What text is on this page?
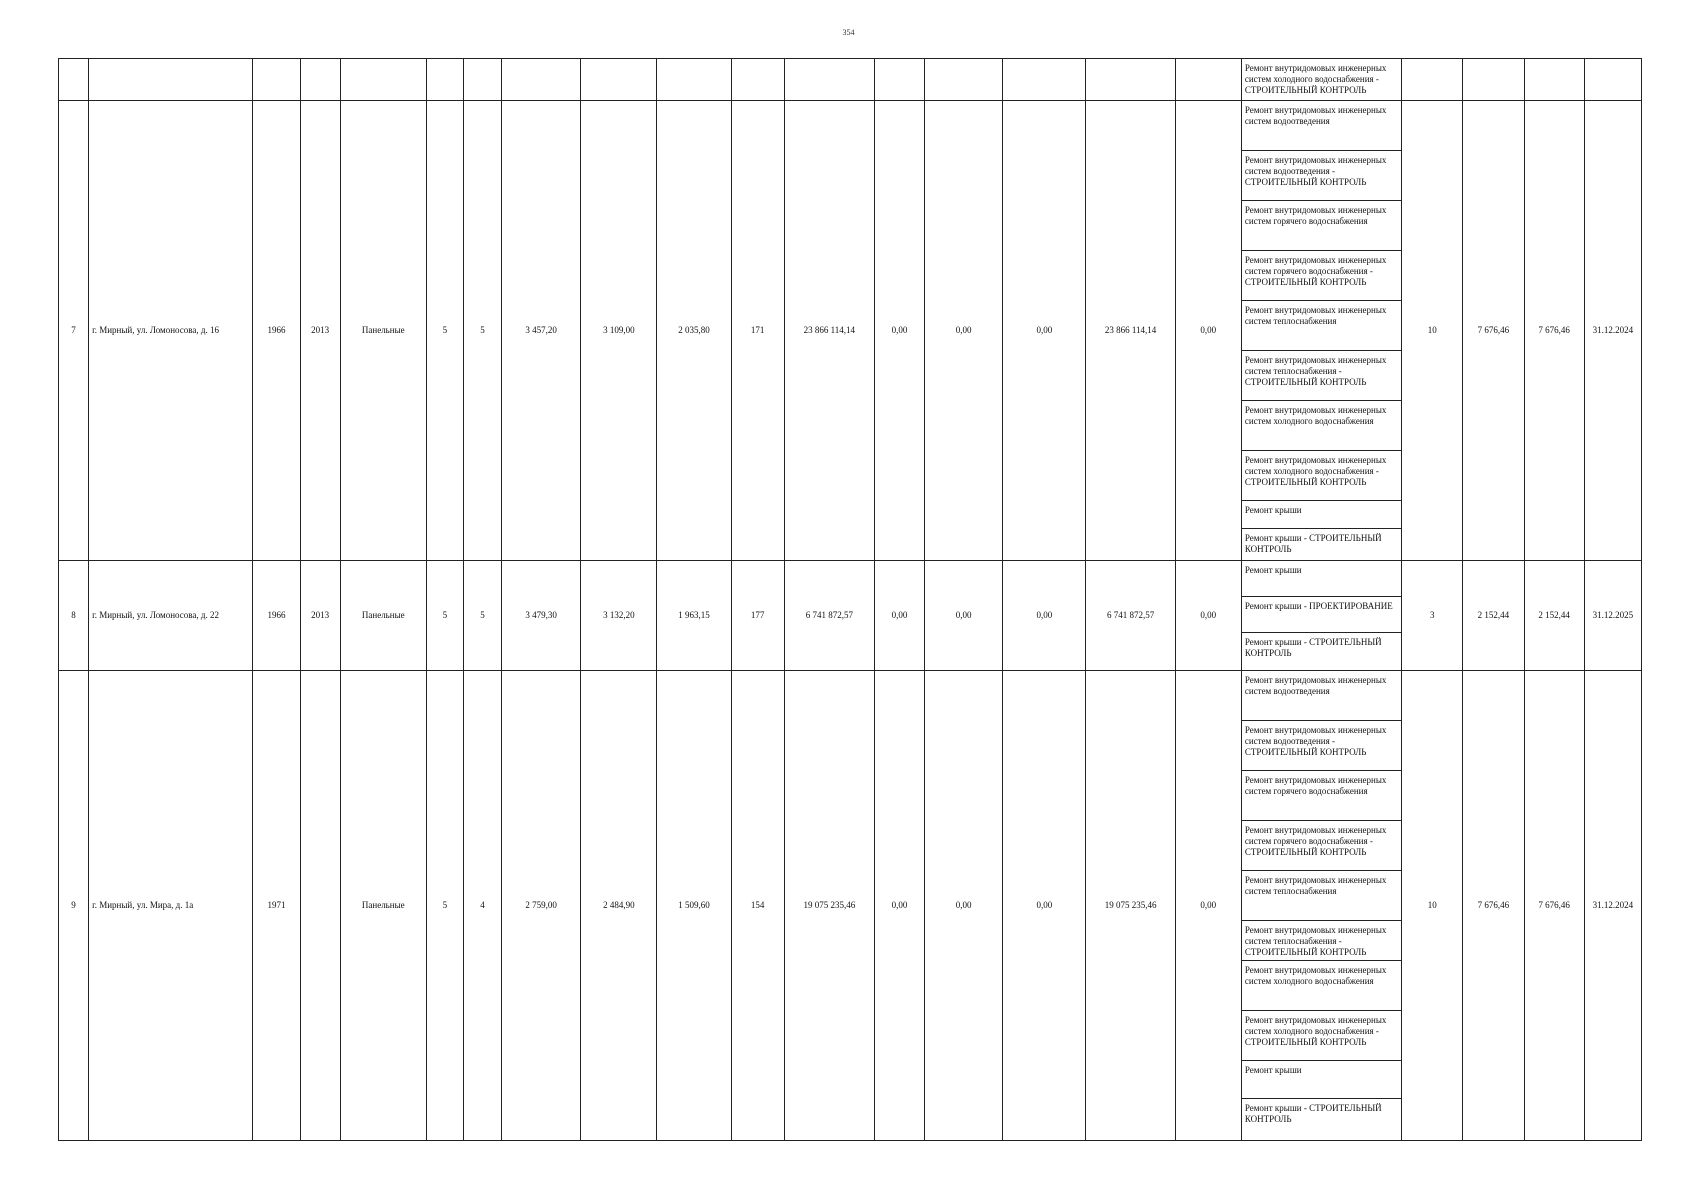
354
																	Ремонт внутридомовых инженерных систем холодного водоснабжения - СТРОИТЕЛЬНЫЙ КОНТРОЛЬ				
7	г. Мирный, ул. Ломоносова, д. 16	1966	2013	Панельные	5	5	3 457,20	3 109,00	2 035,80	171	23 866 114,14	0,00	0,00	0,00	23 866 114,14	0,00	Ремонт внутридомовых инженерных систем водоотведения	10	7 676,46	7 676,46	31.12.2024
																	Ремонт внутридомовых инженерных систем водоотведения - СТРОИТЕЛЬНЫЙ КОНТРОЛЬ				
																	Ремонт внутридомовых инженерных систем горячего водоснабжения				
																	Ремонт внутридомовых инженерных систем горячего водоснабжения - СТРОИТЕЛЬНЫЙ КОНТРОЛЬ				
																	Ремонт внутридомовых инженерных систем теплоснабжения				
																	Ремонт внутридомовых инженерных систем теплоснабжения - СТРОИТЕЛЬНЫЙ КОНТРОЛЬ				
																	Ремонт внутридомовых инженерных систем холодного водоснабжения				
																	Ремонт внутридомовых инженерных систем холодного водоснабжения - СТРОИТЕЛЬНЫЙ КОНТРОЛЬ				
																	Ремонт крыши				
																	Ремонт крыши - СТРОИТЕЛЬНЫЙ КОНТРОЛЬ				
8	г. Мирный, ул. Ломоносова, д. 22	1966	2013	Панельные	5	5	3 479,30	3 132,20	1 963,15	177	6 741 872,57	0,00	0,00	0,00	6 741 872,57	0,00	Ремонт крыши	3	2 152,44	2 152,44	31.12.2025
																	Ремонт крыши - ПРОЕКТИРОВАНИЕ				
																	Ремонт крыши - СТРОИТЕЛЬНЫЙ КОНТРОЛЬ				
9	г. Мирный, ул. Мира, д. 1а	1971		Панельные	5	4	2 759,00	2 484,90	1 509,60	154	19 075 235,46	0,00	0,00	0,00	19 075 235,46	0,00	Ремонт внутридомовых инженерных систем водоотведения	10	7 676,46	7 676,46	31.12.2024
																	Ремонт внутридомовых инженерных систем водоотведения - СТРОИТЕЛЬНЫЙ КОНТРОЛЬ				
																	Ремонт внутридомовых инженерных систем горячего водоснабжения				
																	Ремонт внутридомовых инженерных систем горячего водоснабжения - СТРОИТЕЛЬНЫЙ КОНТРОЛЬ				
																	Ремонт внутридомовых инженерных систем теплоснабжения				
																	Ремонт внутридомовых инженерных систем теплоснабжения - СТРОИТЕЛЬНЫЙ КОНТРОЛЬ				
																	Ремонт внутридомовых инженерных систем холодного водоснабжения				
																	Ремонт внутридомовых инженерных систем холодного водоснабжения - СТРОИТЕЛЬНЫЙ КОНТРОЛЬ				
																	Ремонт крыши				
																	Ремонт крыши - СТРОИТЕЛЬНЫЙ КОНТРОЛЬ				
